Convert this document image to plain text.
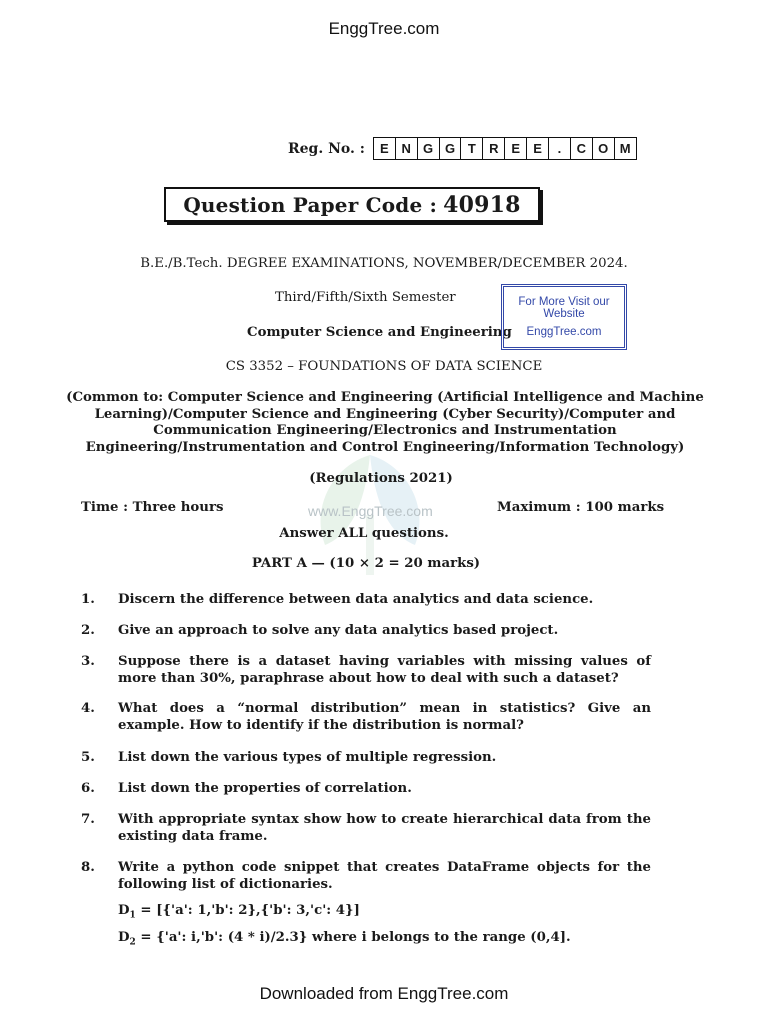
EnggTree.com
Reg. No. :	E N G G T	R E	E	.	C O M
Question Paper Code : 40918
B.E./B.Tech. DEGREE EXAMINATIONS, NOVEMBER/DECEMBER 2024.
Third/Fifth/Sixth Semester
Computer Science and Engineering
For More Visit our Website
EnggTree.com
CS 3352 – FOUNDATIONS OF DATA SCIENCE
(Common to: Computer Science and Engineering (Artificial Intelligence and Machine Learning)/Computer Science and Engineering (Cyber Security)/Computer and Communication Engineering/Electronics and Instrumentation Engineering/Instrumentation and Control Engineering/Information Technology)
(Regulations 2021)
www.EnggTree.com
Time : Three hours	Maximum : 100 marks
Answer ALL questions.
PART A — (10 × 2 = 20 marks)
1.	Discern the difference between data analytics and data science.
2.	Give an approach to solve any data analytics based project.
3.	Suppose there is a dataset having variables with missing values of more than 30%, paraphrase about how to deal with such a dataset?
4.	What does a “normal distribution” mean in statistics? Give an example. How to identify if the distribution is normal?
5.	List down the various types of multiple regression.
6.	List down the properties of correlation.
7.	With appropriate syntax show how to create hierarchical data from the existing data frame.
8.	Write a python code snippet that creates DataFrame objects for the following list of dictionaries.
$D_1 = [\{'a'$: 1,'b': 2},{'b': 3,'c': 4}]
$D_2 = \{'a'$: i,'b': (4 * i)/2.3} where i belongs to the range (0,4].
Downloaded from EnggTree.com
